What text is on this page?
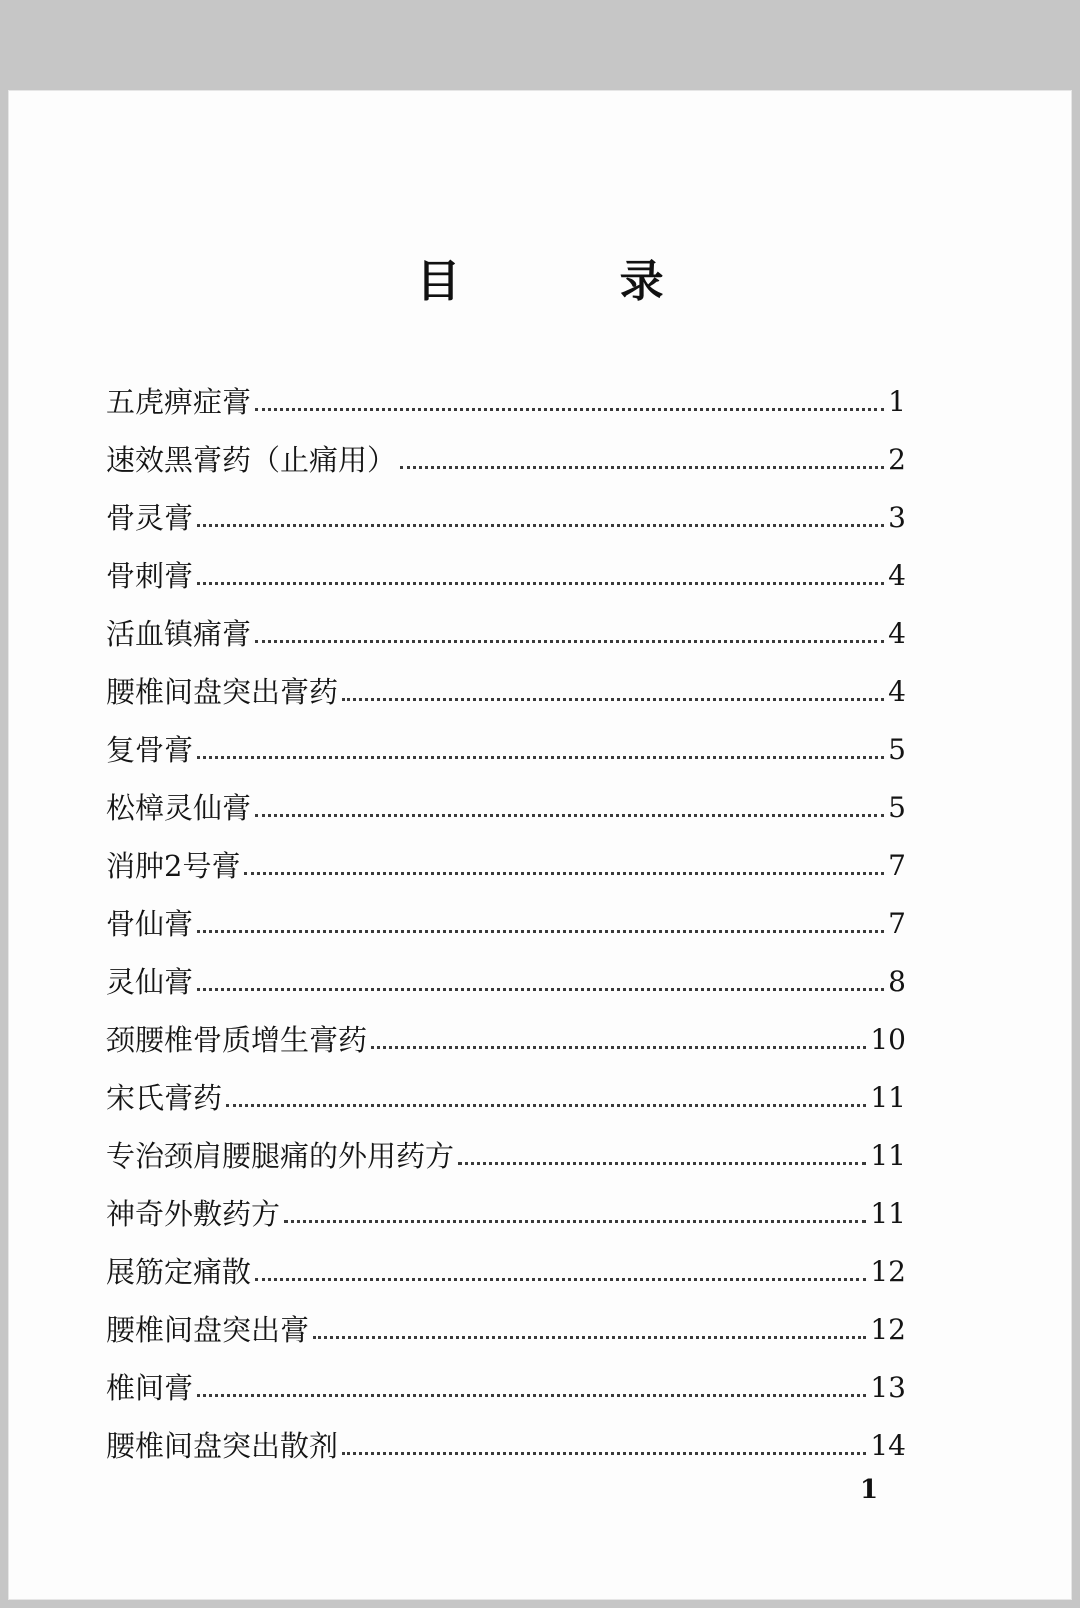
目 录
五虎痹症膏	1
速效黑膏药（止痛用）	2
骨灵膏	3
骨刺膏	4
活血镇痛膏	4
腰椎间盘突出膏药	4
复骨膏	5
松樟灵仙膏	5
消肿2号膏	7
骨仙膏	7
灵仙膏	8
颈腰椎骨质增生膏药	10
宋氏膏药	11
专治颈肩腰腿痛的外用药方	11
神奇外敷药方	11
展筋定痛散	12
腰椎间盘突出膏	12
椎间膏	13
腰椎间盘突出散剂	14
1
